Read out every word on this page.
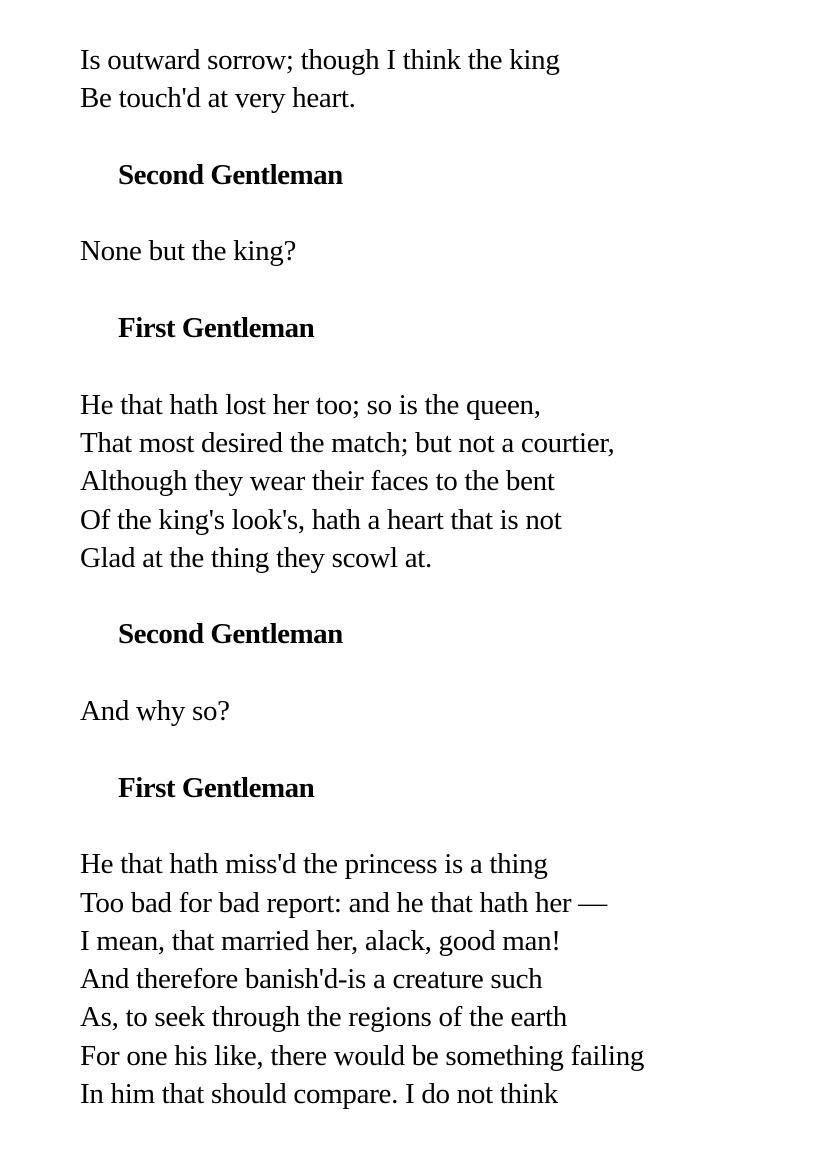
Is outward sorrow; though I think the king
Be touch'd at very heart.
Second Gentleman
None but the king?
First Gentleman
He that hath lost her too; so is the queen,
That most desired the match; but not a courtier,
Although they wear their faces to the bent
Of the king's look's, hath a heart that is not
Glad at the thing they scowl at.
Second Gentleman
And why so?
First Gentleman
He that hath miss'd the princess is a thing
Too bad for bad report: and he that hath her —
I mean, that married her, alack, good man!
And therefore banish'd-is a creature such
As, to seek through the regions of the earth
For one his like, there would be something failing
In him that should compare. I do not think
